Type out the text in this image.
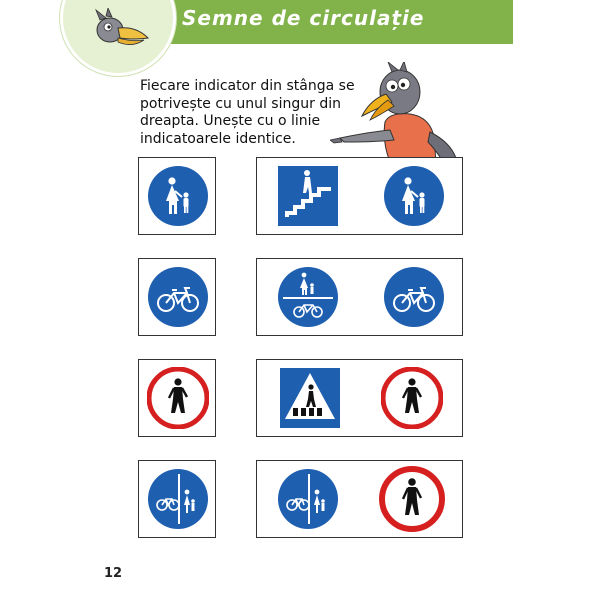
Semne de circulație
Fiecare indicator din stânga se
potrivește cu unul singur din
dreapta. Unește cu o linie
indicatoarele identice.
12
